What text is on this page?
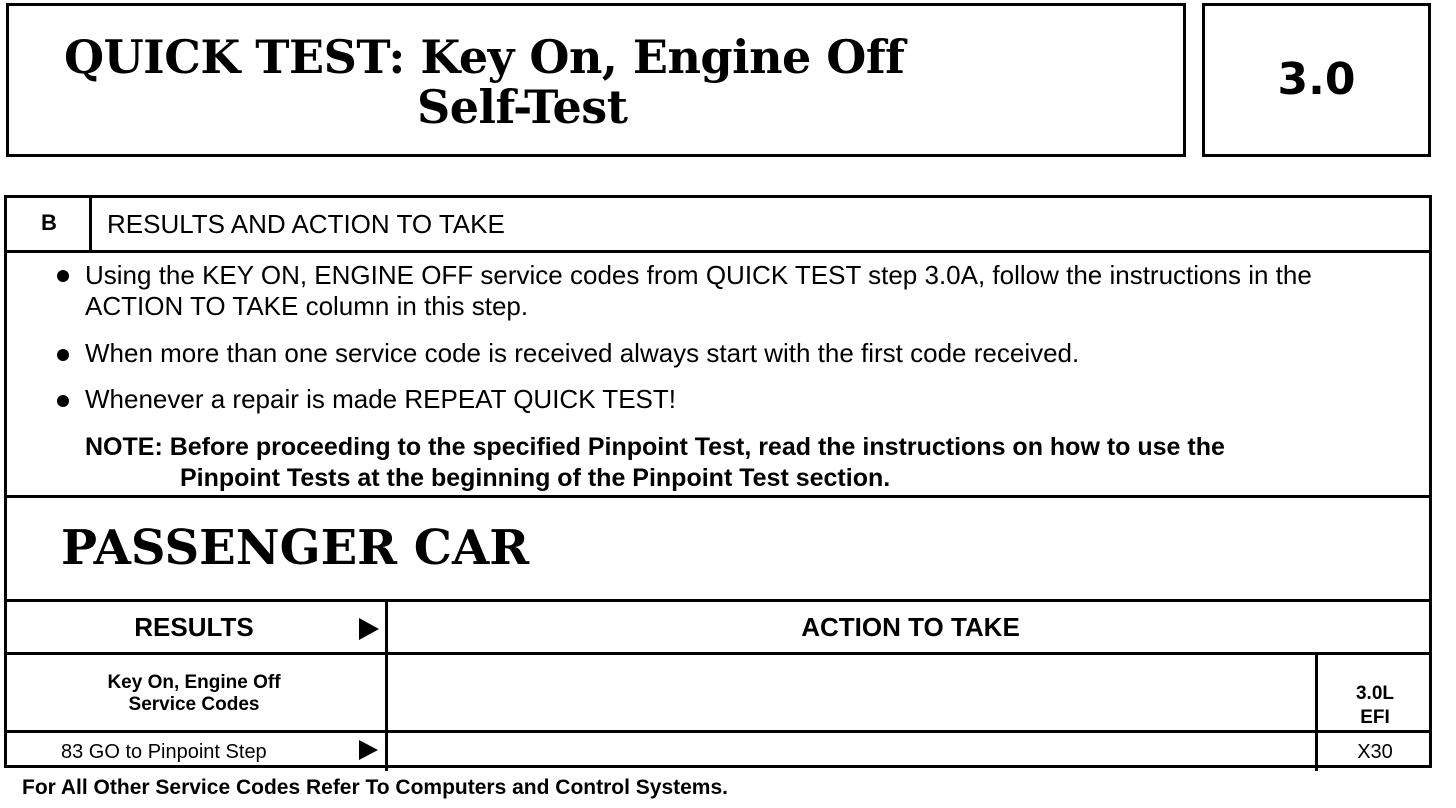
QUICK TEST: Key On, Engine Off
Self-Test
3.0
B RESULTS AND ACTION TO TAKE
Using the KEY ON, ENGINE OFF service codes from QUICK TEST step 3.0A, follow the instructions in the ACTION TO TAKE column in this step.
When more than one service code is received always start with the first code received.
Whenever a repair is made REPEAT QUICK TEST!
NOTE: Before proceeding to the specified Pinpoint Test, read the instructions on how to use the
Pinpoint Tests at the beginning of the Pinpoint Test section.
PASSENGER CAR
RESULTS	ACTION TO TAKE
Key On, Engine Off
Service Codes
3.0L
EFI
83 GO to Pinpoint Step	X30
For All Other Service Codes Refer To Computers and Control Systems.
